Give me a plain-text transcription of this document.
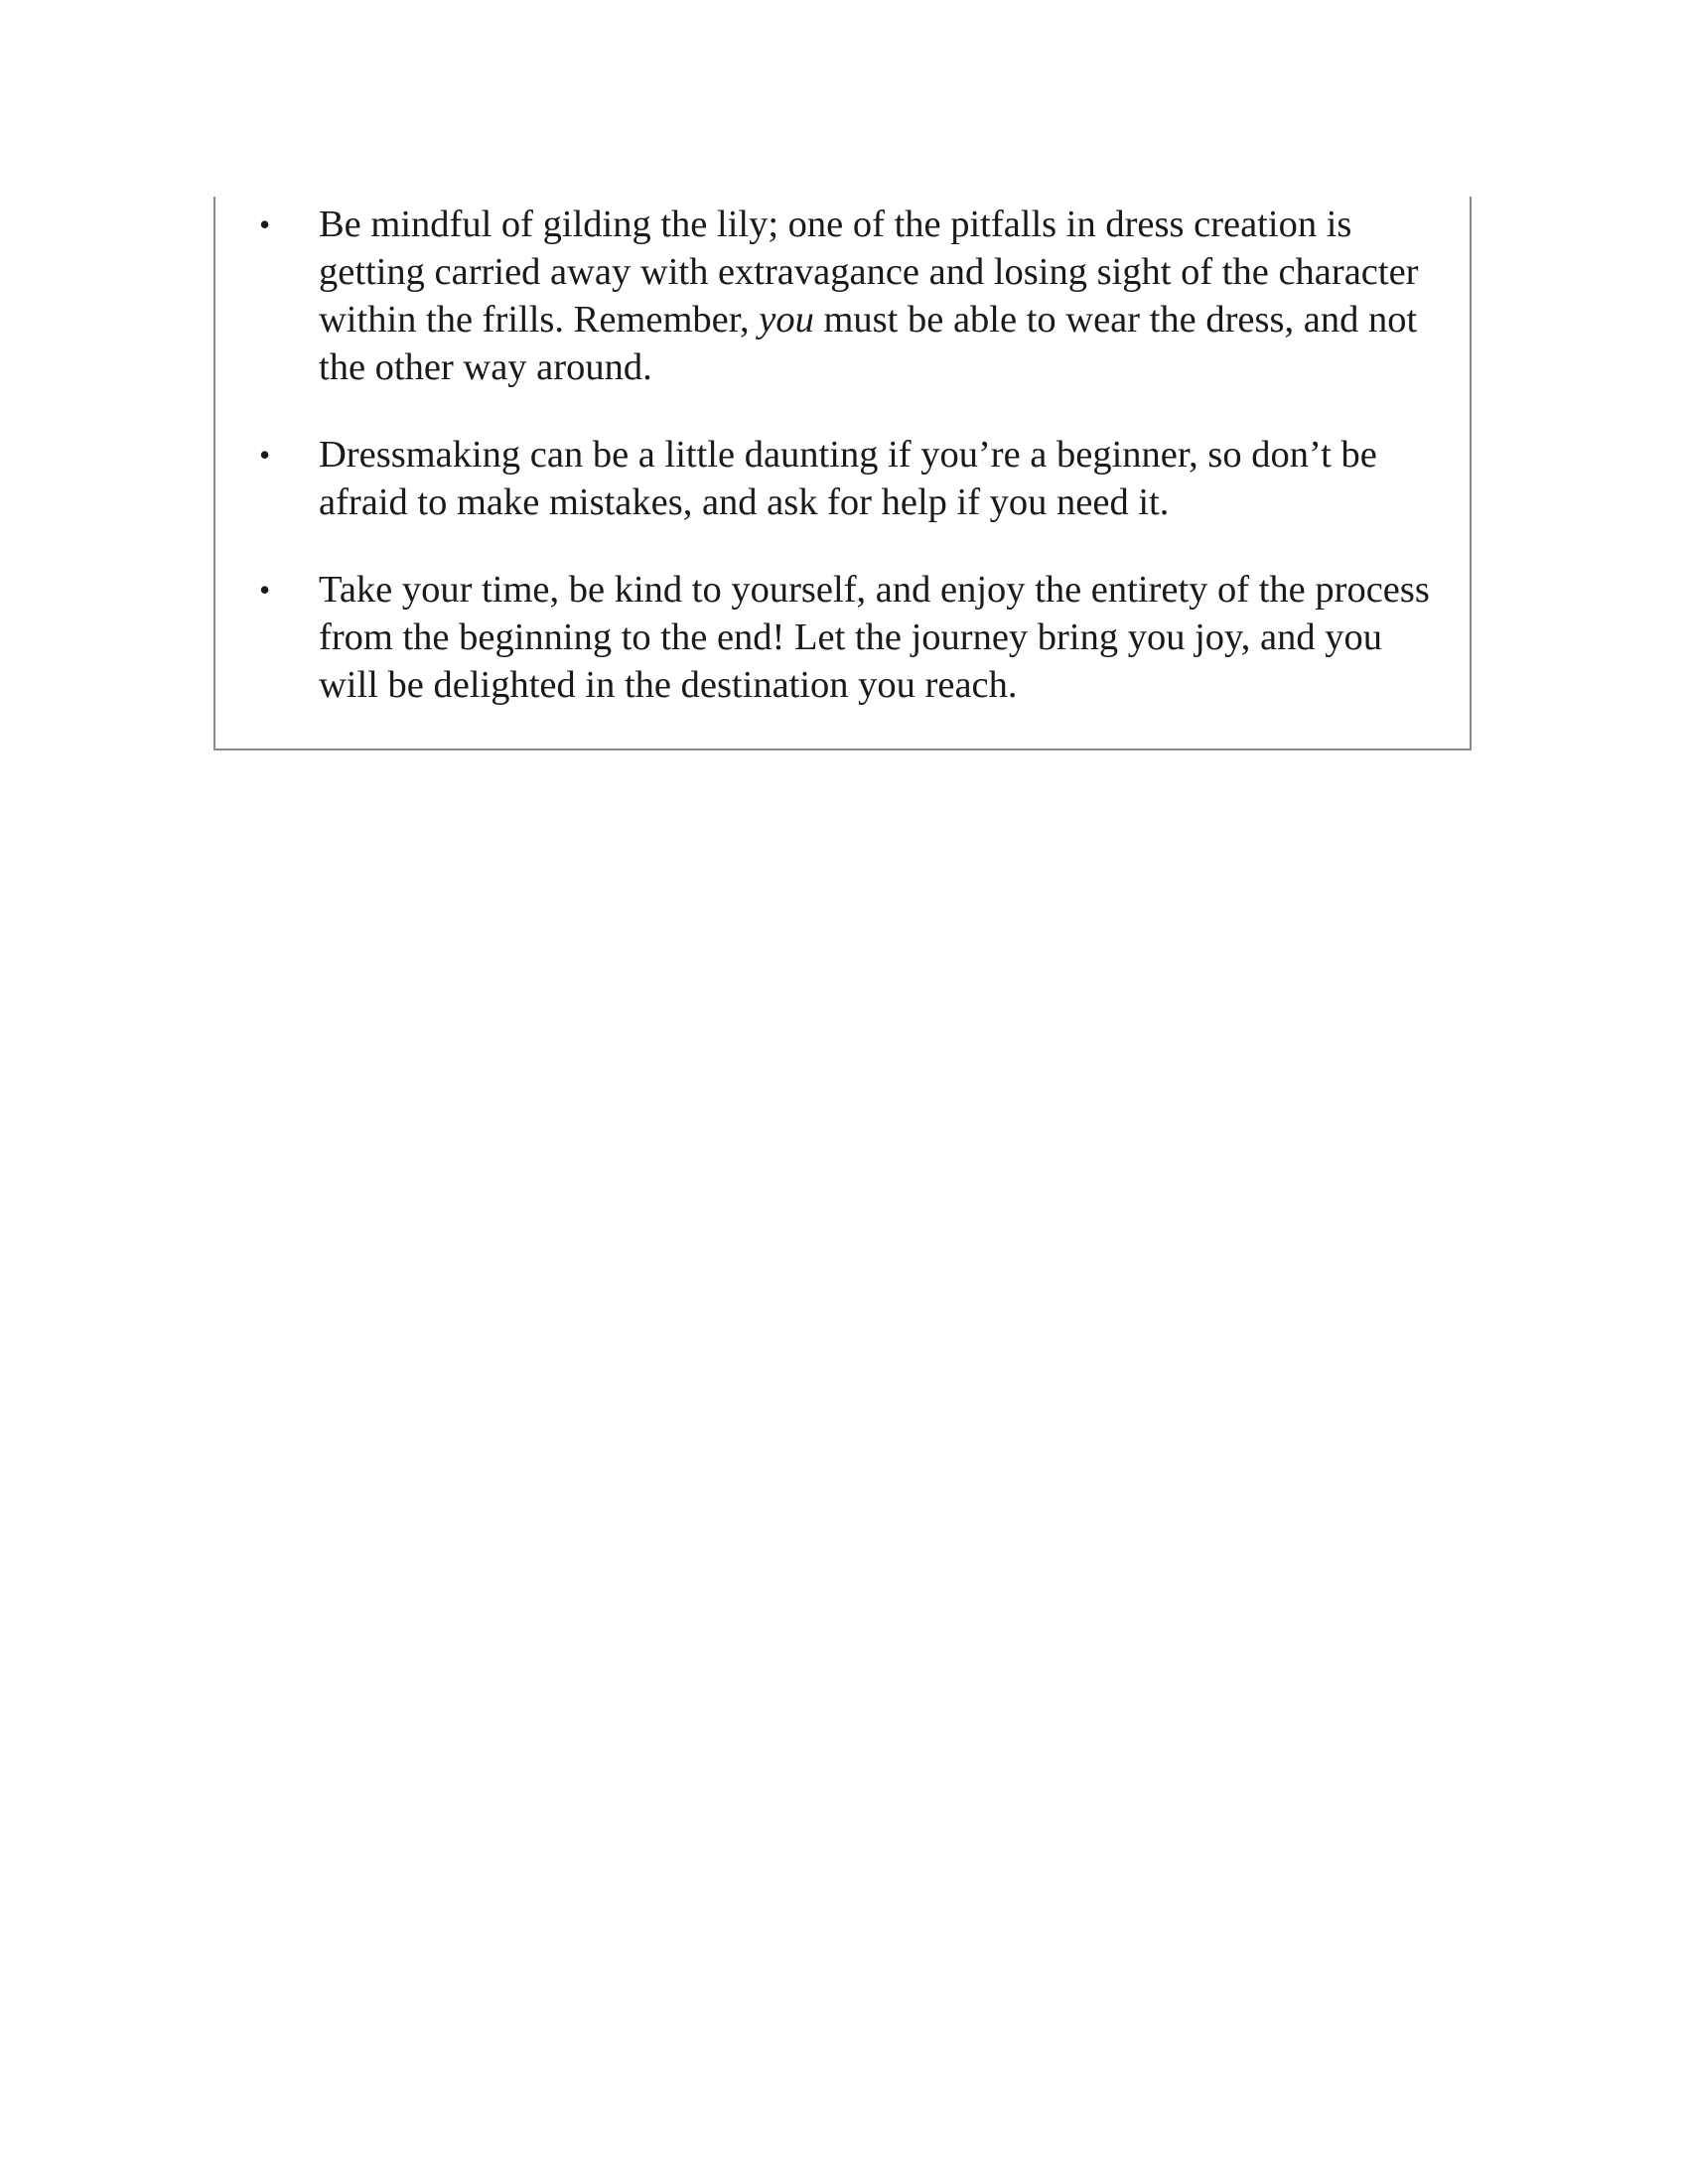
• Be mindful of gilding the lily; one of the pitfalls in dress creation is getting carried away with extravagance and losing sight of the character within the frills. Remember, you must be able to wear the dress, and not the other way around.
• Dressmaking can be a little daunting if you’re a beginner, so don’t be afraid to make mistakes, and ask for help if you need it.
• Take your time, be kind to yourself, and enjoy the entirety of the process from the beginning to the end! Let the journey bring you joy, and you will be delighted in the destination you reach.
